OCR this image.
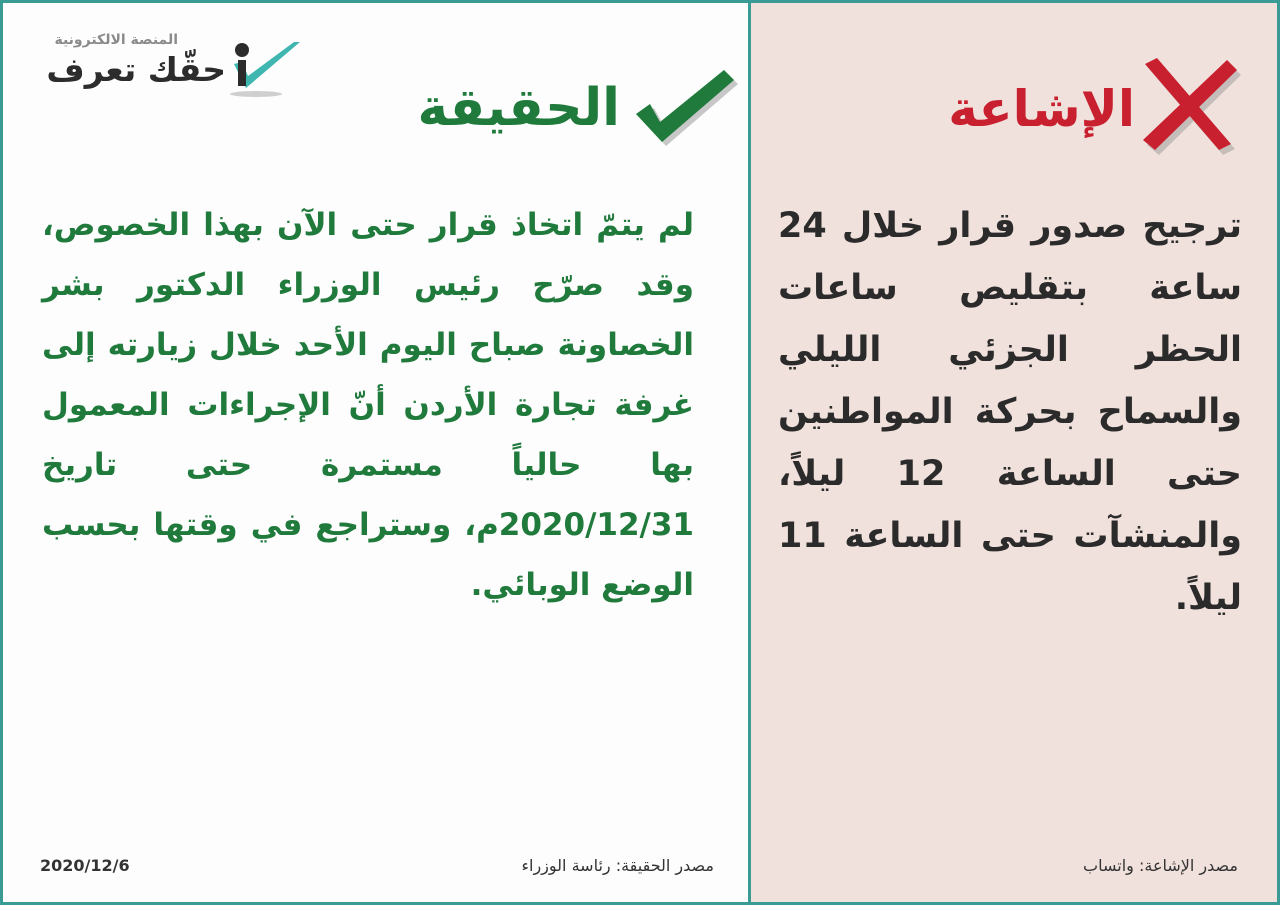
المنصة الالكترونية
حقّك تعرف
الحقيقة	الإشاعة
لم يتمّ اتخاذ قرار حتى الآن بهذا الخصوص، وقد صرّح رئيس الوزراء الدكتور بشر الخصاونة صباح اليوم الأحد خلال زيارته إلى غرفة تجارة الأردن أنّ الإجراءات المعمول بها حالياً مستمرة حتى تاريخ 2020/12/31م، وستراجع في وقتها بحسب الوضع الوبائي.
ترجيح صدور قرار خلال 24 ساعة بتقليص ساعات الحظر الجزئي الليلي والسماح بحركة المواطنين حتى الساعة 12 ليلاً، والمنشآت حتى الساعة 11 ليلاً.
2020/12/6	مصدر الحقيقة: رئاسة الوزراء	مصدر الإشاعة: واتساب
